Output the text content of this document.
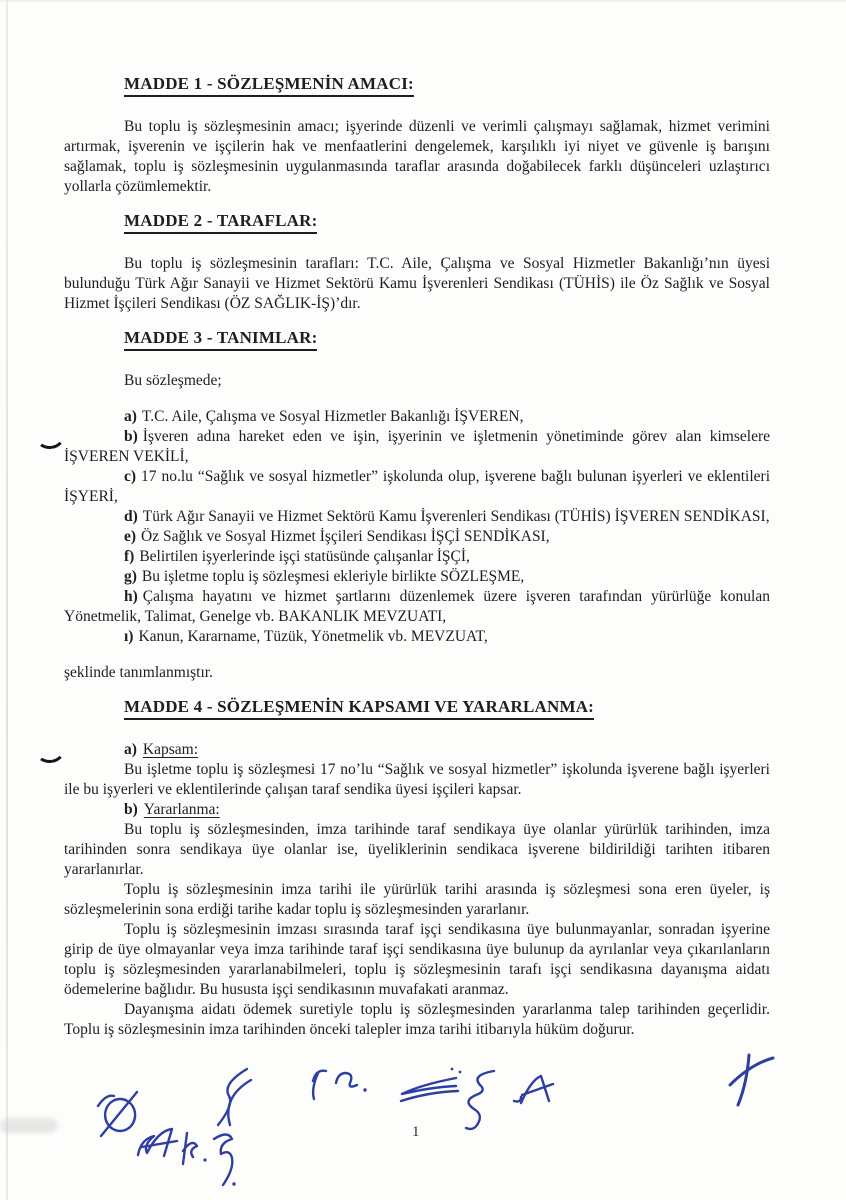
MADDE 1 - SÖZLEŞMENİN AMACI:

Bu toplu iş sözleşmesinin amacı; işyerinde düzenli ve verimli çalışmayı sağlamak, hizmet verimini artırmak, işverenin ve işçilerin hak ve menfaatlerini dengelemek, karşılıklı iyi niyet ve güvenle iş barışını sağlamak, toplu iş sözleşmesinin uygulanmasında taraflar arasında doğabilecek farklı düşünceleri uzlaştırıcı yollarla çözümlemektir.

MADDE 2 - TARAFLAR:

Bu toplu iş sözleşmesinin tarafları: T.C. Aile, Çalışma ve Sosyal Hizmetler Bakanlığı’nın üyesi bulunduğu Türk Ağır Sanayii ve Hizmet Sektörü Kamu İşverenleri Sendikası (TÜHİS) ile Öz Sağlık ve Sosyal Hizmet İşçileri Sendikası (ÖZ SAĞLIK-İŞ)’dır.

MADDE 3 - TANIMLAR:

Bu sözleşmede;

a) T.C. Aile, Çalışma ve Sosyal Hizmetler Bakanlığı İŞVEREN,

b) İşveren adına hareket eden ve işin, işyerinin ve işletmenin yönetiminde görev alan kimselere İŞVEREN VEKİLİ,

c) 17 no.lu “Sağlık ve sosyal hizmetler” işkolunda olup, işverene bağlı bulunan işyerleri ve eklentileri İŞYERİ,

d) Türk Ağır Sanayii ve Hizmet Sektörü Kamu İşverenleri Sendikası (TÜHİS) İŞVEREN SENDİKASI,

e) Öz Sağlık ve Sosyal Hizmet İşçileri Sendikası İŞÇİ SENDİKASI,

f) Belirtilen işyerlerinde işçi statüsünde çalışanlar İŞÇİ,

g) Bu işletme toplu iş sözleşmesi ekleriyle birlikte SÖZLEŞME,

h) Çalışma hayatını ve hizmet şartlarını düzenlemek üzere işveren tarafından yürürlüğe konulan Yönetmelik, Talimat, Genelge vb. BAKANLIK MEVZUATI,

ı) Kanun, Kararname, Tüzük, Yönetmelik vb. MEVZUAT,

şeklinde tanımlanmıştır.

MADDE 4 - SÖZLEŞMENİN KAPSAMI VE YARARLANMA:

a) Kapsam:

Bu işletme toplu iş sözleşmesi 17 no’lu “Sağlık ve sosyal hizmetler” işkolunda işverene bağlı işyerleri ile bu işyerleri ve eklentilerinde çalışan taraf sendika üyesi işçileri kapsar.

b) Yararlanma:

Bu toplu iş sözleşmesinden, imza tarihinde taraf sendikaya üye olanlar yürürlük tarihinden, imza tarihinden sonra sendikaya üye olanlar ise, üyeliklerinin sendikaca işverene bildirildiği tarihten itibaren yararlanırlar.

Toplu iş sözleşmesinin imza tarihi ile yürürlük tarihi arasında iş sözleşmesi sona eren üyeler, iş sözleşmelerinin sona erdiği tarihe kadar toplu iş sözleşmesinden yararlanır.

Toplu iş sözleşmesinin imzası sırasında taraf işçi sendikasına üye bulunmayanlar, sonradan işyerine girip de üye olmayanlar veya imza tarihinde taraf işçi sendikasına üye bulunup da ayrılanlar veya çıkarılanların toplu iş sözleşmesinden yararlanabilmeleri, toplu iş sözleşmesinin tarafı işçi sendikasına dayanışma aidatı ödemelerine bağlıdır. Bu hususta işçi sendikasının muvafakati aranmaz.

Dayanışma aidatı ödemek suretiyle toplu iş sözleşmesinden yararlanma talep tarihinden geçerlidir. Toplu iş sözleşmesinin imza tarihinden önceki talepler imza tarihi itibarıyla hüküm doğurur.

1
